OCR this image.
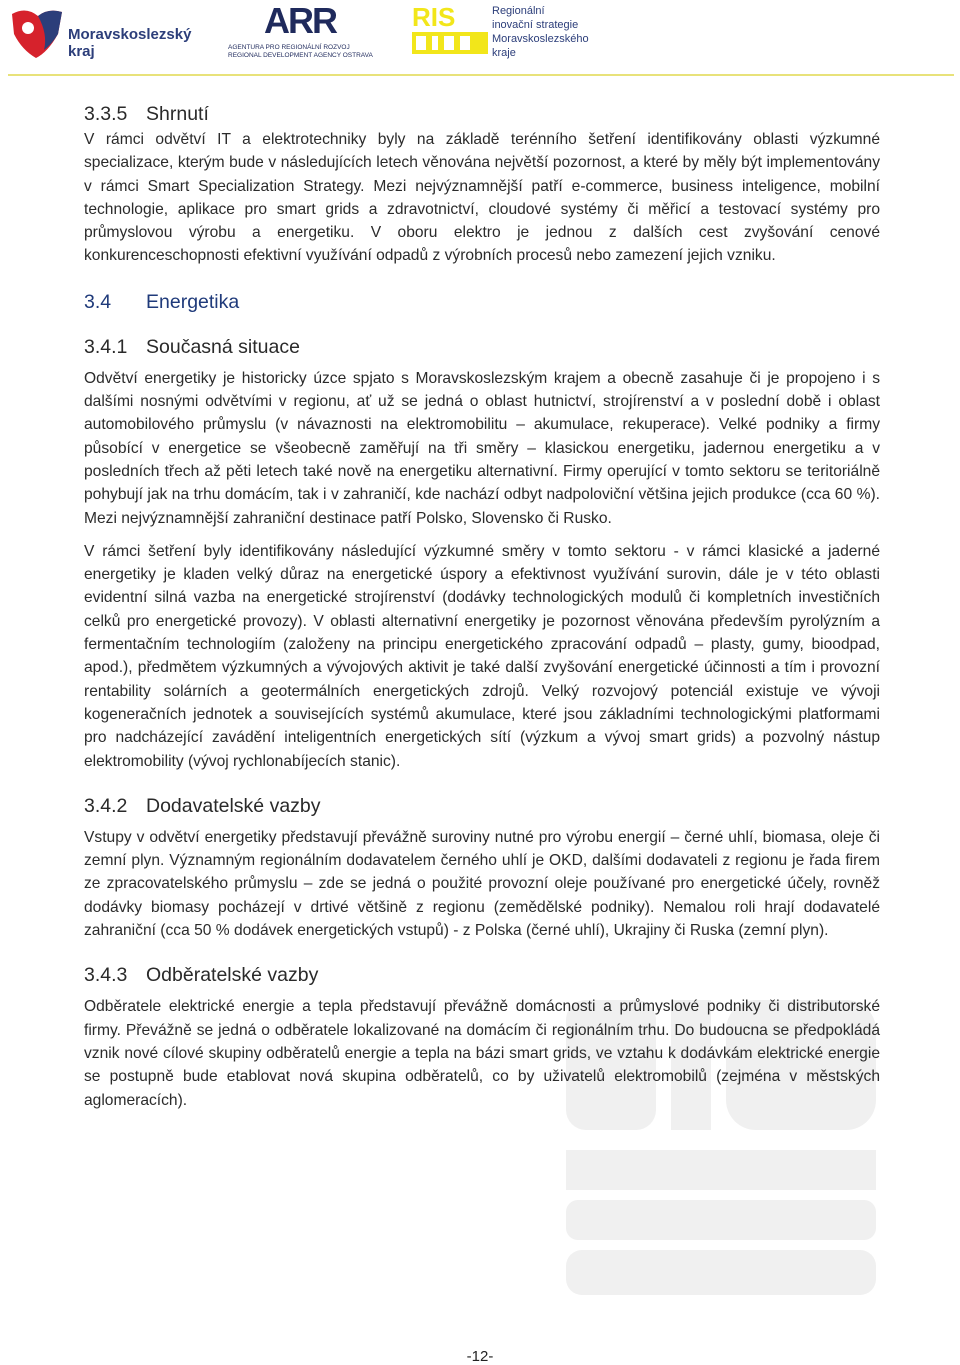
Moravskoslezský
kraj
ARR
AGENTURA PRO REGIONÁLNÍ ROZVOJ
REGIONAL DEVELOPMENT AGENCY OSTRAVA
RIS	Regionální
inovační strategie
Moravskoslezského
kraje
3.3.5 Shrnutí

V rámci odvětví IT a elektrotechniky byly na základě terénního šetření identifikovány oblasti výzkumné specializace, kterým bude v následujících letech věnována největší pozornost, a které by měly být implementovány v rámci Smart Specialization Strategy. Mezi nejvýznamnější patří e-commerce, business inteligence, mobilní technologie, aplikace pro smart grids a zdravotnictví, cloudové systémy či měřicí a testovací systémy pro průmyslovou výrobu a energetiku. V oboru elektro je jednou z dalších cest zvyšování cenové konkurenceschopnosti efektivní využívání odpadů z výrobních procesů nebo zamezení jejich vzniku.

3.4 Energetika
3.4.1 Současná situace

Odvětví energetiky je historicky úzce spjato s Moravskoslezským krajem a obecně zasahuje či je propojeno i s dalšími nosnými odvětvími v regionu, ať už se jedná o oblast hutnictví, strojírenství a v poslední době i oblast automobilového průmyslu (v návaznosti na elektromobilitu – akumulace, rekuperace). Velké podniky a firmy působící v energetice se všeobecně zaměřují na tři směry – klasickou energetiku, jadernou energetiku a v posledních třech až pěti letech také nově na energetiku alternativní. Firmy operující v tomto sektoru se teritoriálně pohybují jak na trhu domácím, tak i v zahraničí, kde nachází odbyt nadpoloviční většina jejich produkce (cca 60 %). Mezi nejvýznamnější zahraniční destinace patří Polsko, Slovensko či Rusko.

V rámci šetření byly identifikovány následující výzkumné směry v tomto sektoru - v rámci klasické a jaderné energetiky je kladen velký důraz na energetické úspory a efektivnost využívání surovin, dále je v této oblasti evidentní silná vazba na energetické strojírenství (dodávky technologických modulů či kompletních investičních celků pro energetické provozy). V oblasti alternativní energetiky je pozornost věnována především pyrolýzním a fermentačním technologiím (založeny na principu energetického zpracování odpadů – plasty, gumy, bioodpad, apod.), předmětem výzkumných a vývojových aktivit je také další zvyšování energetické účinnosti a tím i provozní rentability solárních a geotermálních energetických zdrojů. Velký rozvojový potenciál existuje ve vývoji kogeneračních jednotek a souvisejících systémů akumulace, které jsou základními technologickými platformami pro nadcházející zavádění inteligentních energetických sítí (výzkum a vývoj smart grids) a pozvolný nástup elektromobility (vývoj rychlonabíjecích stanic).

3.4.2 Dodavatelské vazby

Vstupy v odvětví energetiky představují převážně suroviny nutné pro výrobu energií – černé uhlí, biomasa, oleje či zemní plyn. Významným regionálním dodavatelem černého uhlí je OKD, dalšími dodavateli z regionu je řada firem ze zpracovatelského průmyslu – zde se jedná o použité provozní oleje používané pro energetické účely, rovněž dodávky biomasy pocházejí v drtivé většině z regionu (zemědělské podniky). Nemalou roli hrají dodavatelé zahraniční (cca 50 % dodávek energetických vstupů) - z Polska (černé uhlí), Ukrajiny či Ruska (zemní plyn).

3.4.3 Odběratelské vazby

Odběratele elektrické energie a tepla představují převážně domácnosti a průmyslové podniky či distributorské firmy. Převážně se jedná o odběratele lokalizované na domácím či regionálním trhu. Do budoucna se předpokládá vznik nové cílové skupiny odběratelů energie a tepla na bázi smart grids, ve vztahu k dodávkám elektrické energie se postupně bude etablovat nová skupina odběratelů, co by uživatelů elektromobilů (zejména v městských aglomeracích).

-12-
